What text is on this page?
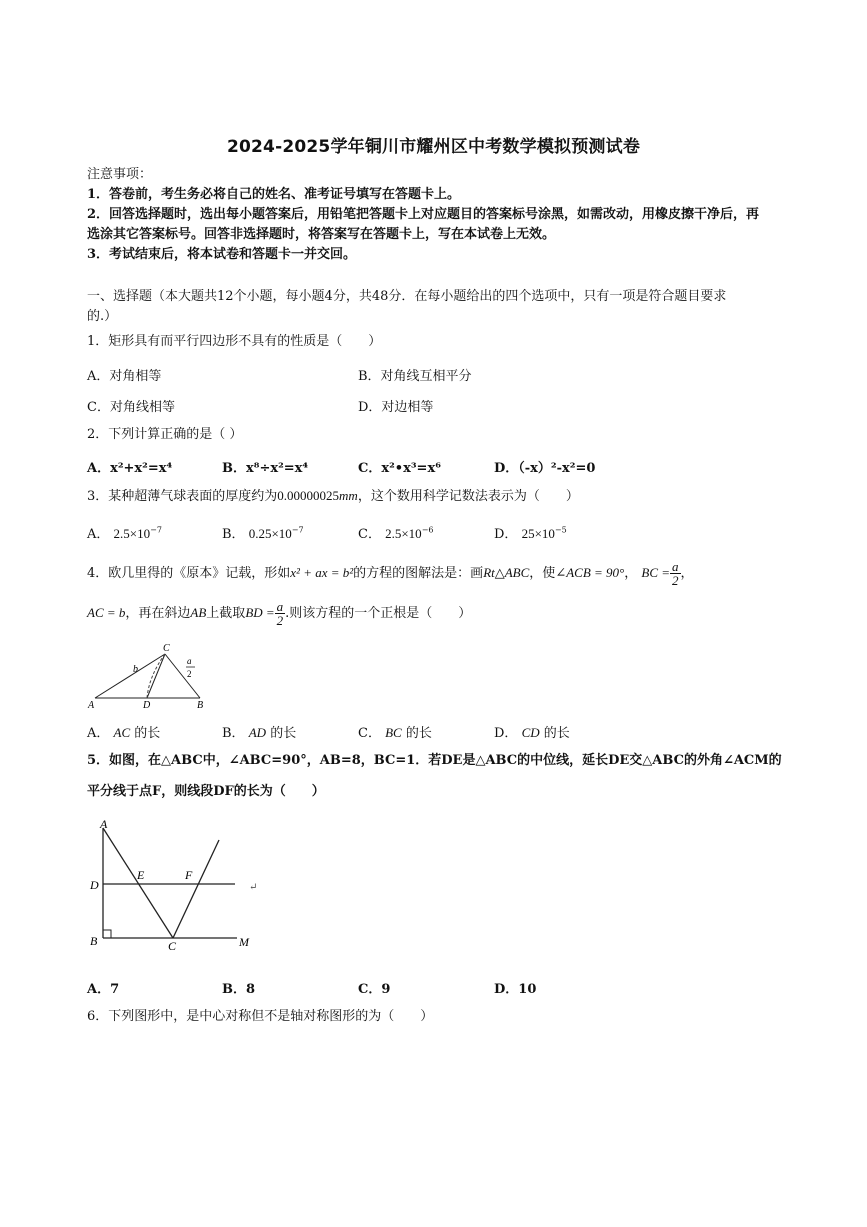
2024-2025学年铜川市耀州区中考数学模拟预测试卷
注意事项：
1．答卷前，考生务必将自己的姓名、准考证号填写在答题卡上。
2．回答选择题时，选出每小题答案后，用铅笔把答题卡上对应题目的答案标号涂黑，如需改动，用橡皮擦干净后，再
选涂其它答案标号。回答非选择题时，将答案写在答题卡上，写在本试卷上无效。
3．考试结束后，将本试卷和答题卡一并交回。
一、选择题（本大题共12个小题，每小题4分，共48分．在每小题给出的四个选项中，只有一项是符合题目要求
的.）
1．矩形具有而平行四边形不具有的性质是（　　）
A．对角相等	B．对角线互相平分
C．对角线相等	D．对边相等
2．下列计算正确的是（ ）
A．x²+x²=x⁴	B．x⁸÷x²=x⁴	C．x²•x³=x⁶	D．（-x）²-x²=0
3．某种超薄气球表面的厚度约为0.00000025mm，这个数用科学记数法表示为（　　）
A． $2.5\times 10^{-7}$	B． $0.25\times 10^{-7}$	C． $2.5\times 10^{-6}$	D． $25\times 10^{-5}$
4．欧几里得的《原本》记载，形如x² + ax = b²的方程的图解法是：画Rt△ABC，使∠ACB = 90°， BC = $\frac{a}{2}$ ，
AC = b，再在斜边AB上截取BD = $\frac{a}{2}$ .则该方程的一个正根是（　　）
C
b
a
2
A	D	B
A． AC 的长	B． AD 的长	C． BC 的长	D． CD 的长
5．如图，在△ABC中，∠ABC=90°，AB=8，BC=1．若DE是△ABC的中位线，延长DE交△ABC的外角∠ACM的
平分线于点F，则线段DF的长为（　　）
A
D
E	F
B	C	M
↵
A．7	B．8	C．9	D．10
6．下列图形中，是中心对称但不是轴对称图形的为（　　）
